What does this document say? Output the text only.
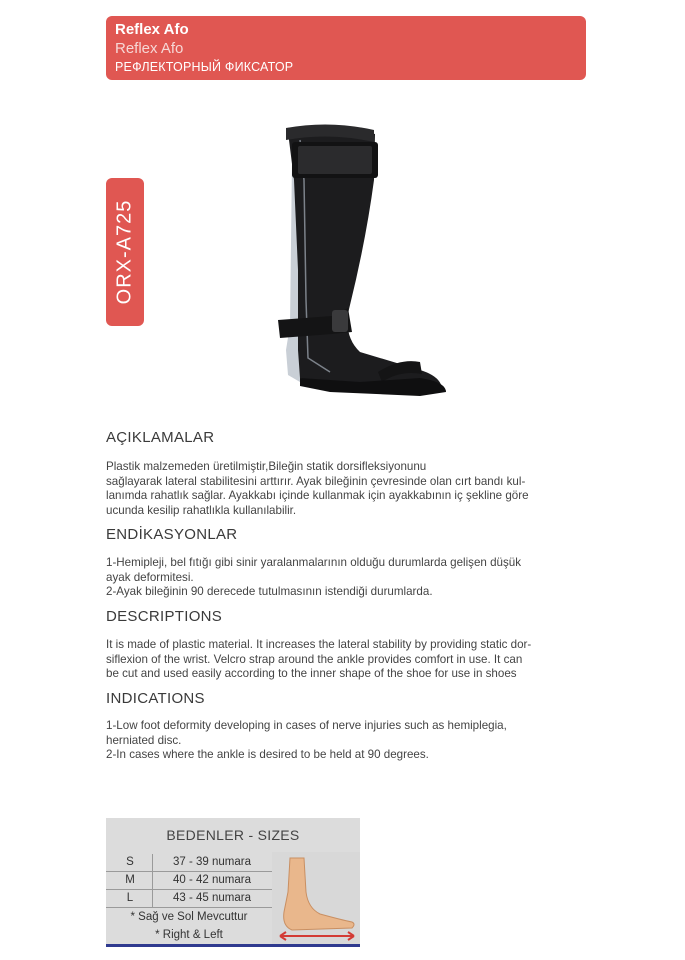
Reflex Afo
Reflex Afo
РЕФЛЕКТОРНЫЙ ФИКСАТОР
ORX-A725
AÇIKLAMALAR
Plastik malzemeden üretilmiştir,Bileğin statik dorsifleksiyonunu
sağlayarak lateral stabilitesini arttırır. Ayak bileğinin çevresinde olan cırt bandı kul-
lanımda rahatlık sağlar. Ayakkabı içinde kullanmak için ayakkabının iç şekline göre
ucunda kesilip rahatlıkla kullanılabilir.
ENDİKASYONLAR
1-Hemipleji, bel fıtığı gibi sinir yaralanmalarının olduğu durumlarda gelişen düşük
ayak deformitesi.
2-Ayak bileğinin 90 derecede tutulmasının istendiği durumlarda.
DESCRIPTIONS
It is made of plastic material. It increases the lateral stability by providing static dor-
siflexion of the wrist. Velcro strap around the ankle provides comfort in use. It can
be cut and used easily according to the inner shape of the shoe for use in shoes
INDICATIONS
1-Low foot deformity developing in cases of nerve injuries such as hemiplegia,
herniated disc.
2-In cases where the ankle is desired to be held at 90 degrees.
BEDENLER - SIZES
S	37 - 39 numara
M	40 - 42 numara
L	43 - 45 numara
* Sağ ve Sol Mevcuttur
* Right & Left
